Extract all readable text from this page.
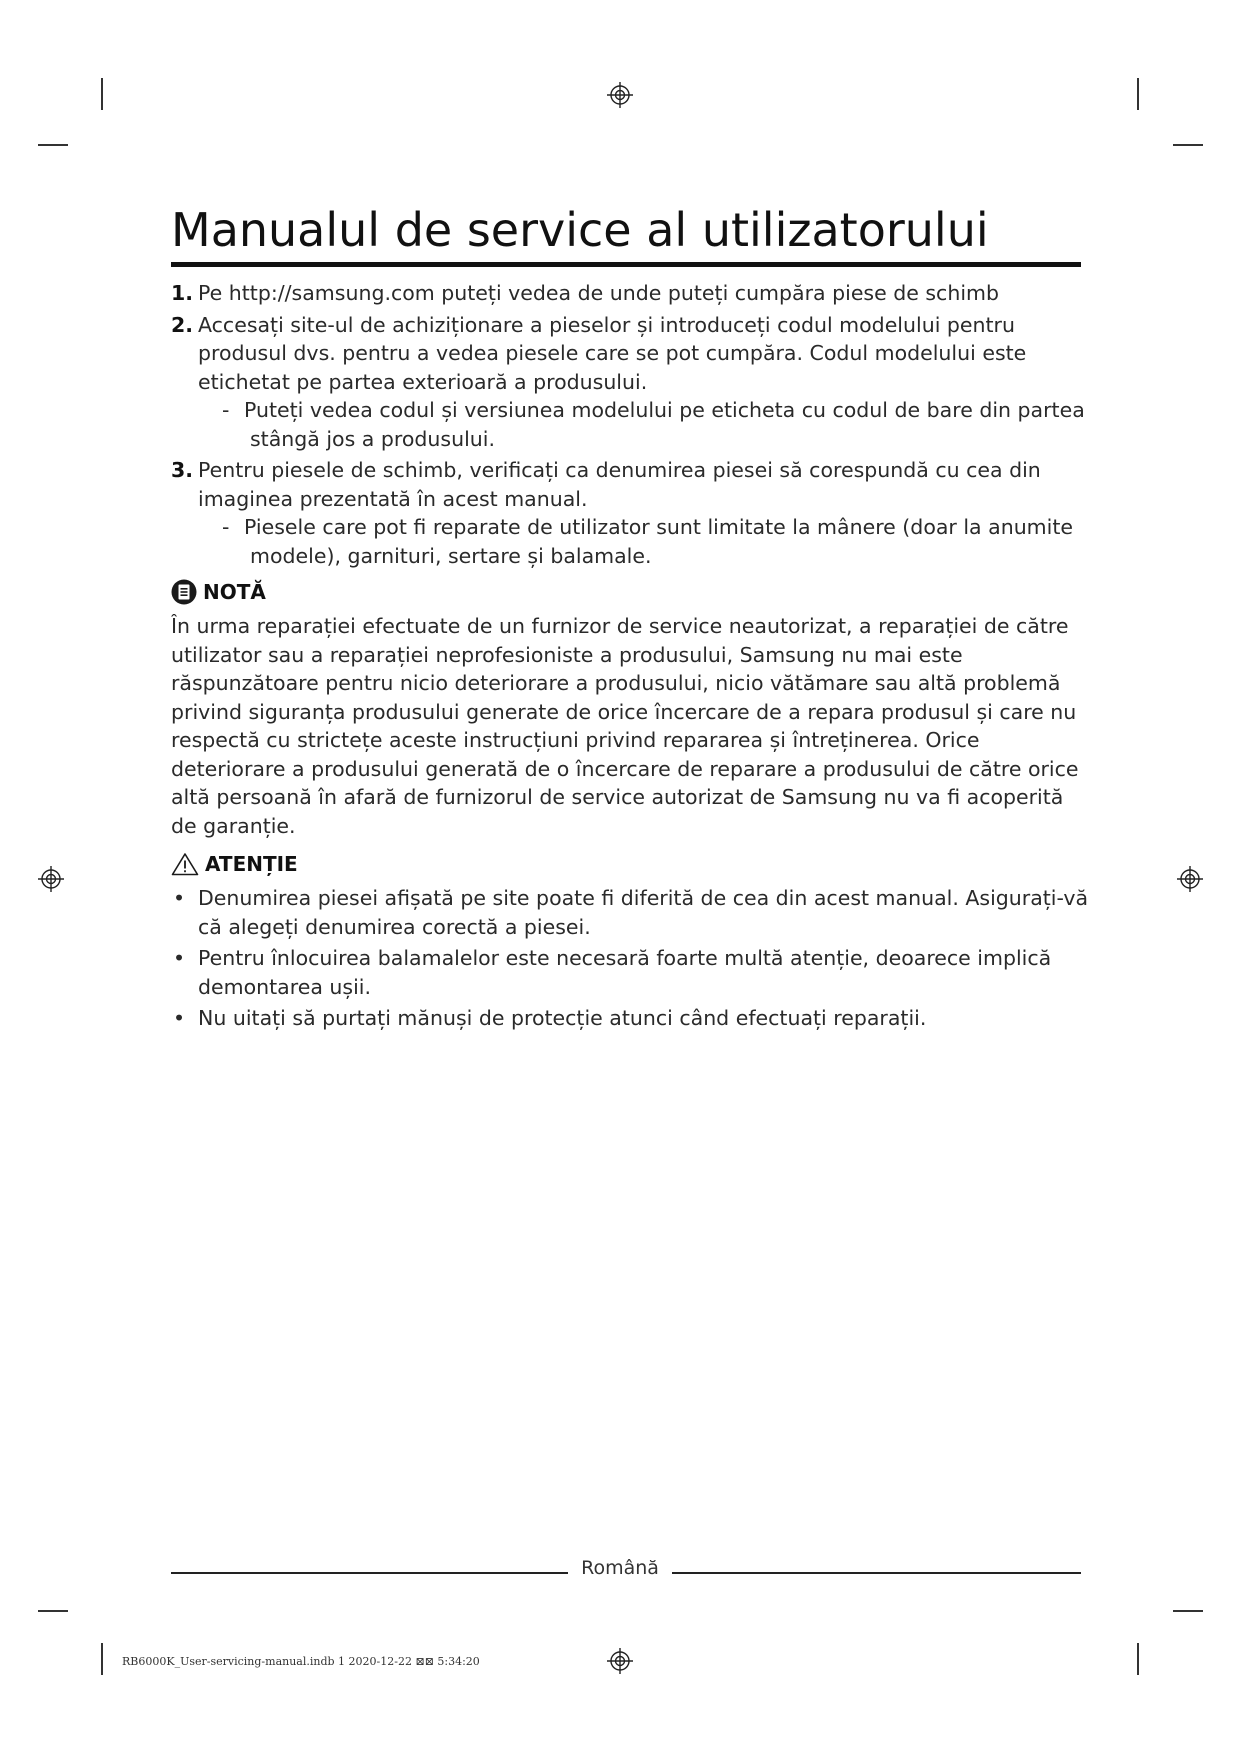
Manualul de service al utilizatorului
1. Pe http://samsung.com puteți vedea de unde puteți cumpăra piese de schimb
2. Accesați site-ul de achiziționare a pieselor și introduceți codul modelului pentru produsul dvs. pentru a vedea piesele care se pot cumpăra. Codul modelului este etichetat pe partea exterioară a produsului.
- Puteți vedea codul și versiunea modelului pe eticheta cu codul de bare din partea stângă jos a produsului.
3. Pentru piesele de schimb, verificați ca denumirea piesei să corespundă cu cea din imaginea prezentată în acest manual.
- Piesele care pot fi reparate de utilizator sunt limitate la mânere (doar la anumite modele), garnituri, sertare și balamale.
NOTĂ

În urma reparației efectuate de un furnizor de service neautorizat, a reparației de către utilizator sau a reparației neprofesioniste a produsului, Samsung nu mai este răspunzătoare pentru nicio deteriorare a produsului, nicio vătămare sau altă problemă privind siguranța produsului generate de orice încercare de a repara produsul și care nu respectă cu strictețe aceste instrucțiuni privind repararea și întreținerea. Orice deteriorare a produsului generată de o încercare de reparare a produsului de către orice altă persoană în afară de furnizorul de service autorizat de Samsung nu va fi acoperită de garanție.

ATENȚIE
• Denumirea piesei afișată pe site poate fi diferită de cea din acest manual. Asigurați-vă că alegeți denumirea corectă a piesei.
• Pentru înlocuirea balamalelor este necesară foarte multă atenție, deoarece implică demontarea ușii.
• Nu uitați să purtați mănuși de protecție atunci când efectuați reparații.
Română
RB6000K_User-servicing-manual.indb 1 2020-12-22 ⊠⊠ 5:34:20
